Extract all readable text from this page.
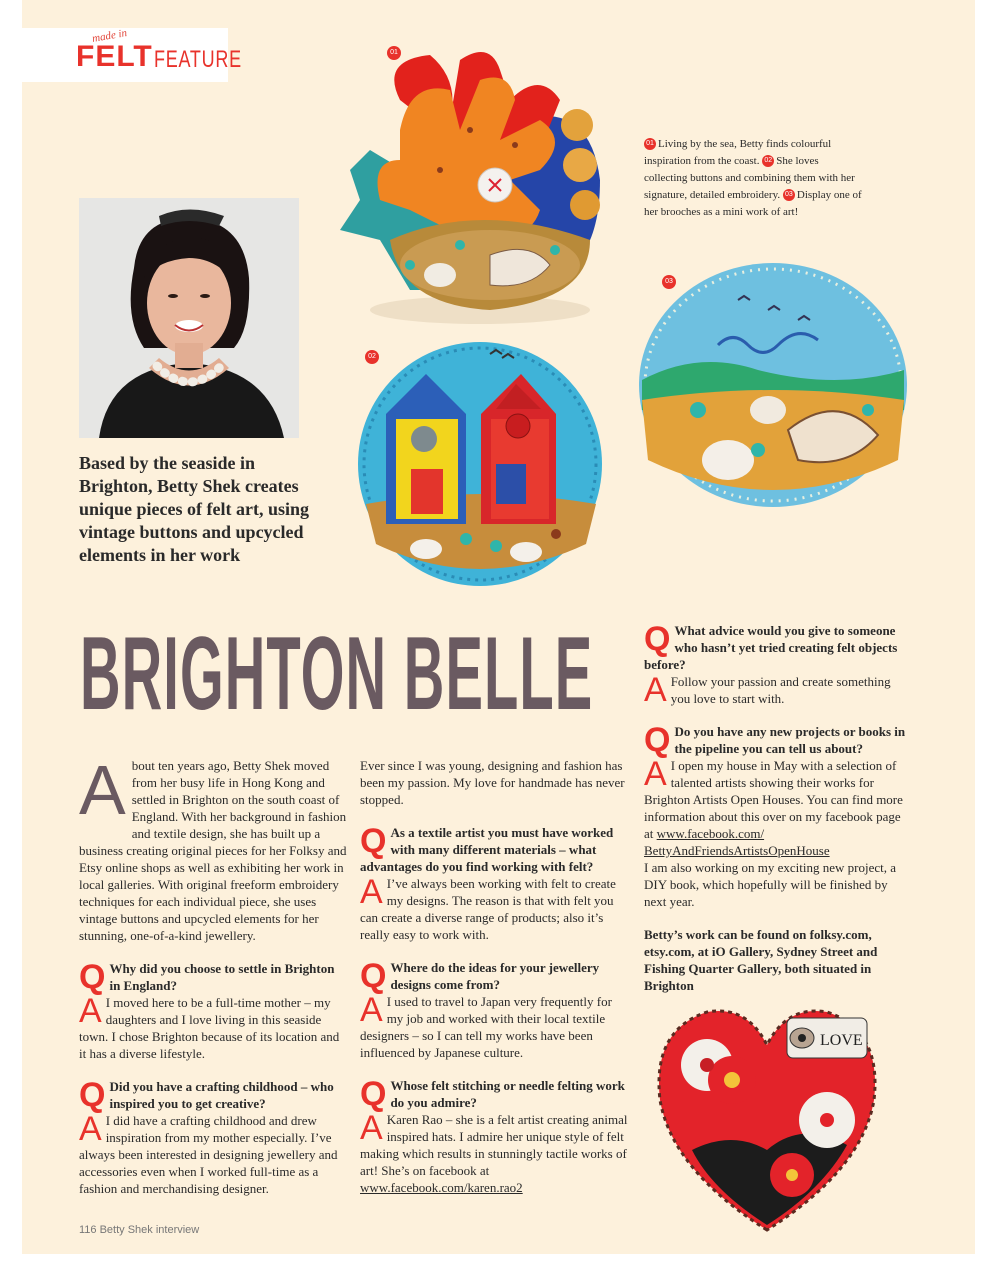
made in
FELT FEATURE	01
Based by the seaside in Brighton, Betty Shek creates unique pieces of felt art, using vintage buttons and upcycled elements in her work
01 Living by the sea, Betty finds colourful inspiration from the coast. 02 She loves collecting buttons and combining them with her signature, detailed embroidery. 03 Display one of her brooches as a mini work of art!
02
03
BRIGHTON BELLE

About ten years ago, Betty Shek moved from her busy life in Hong Kong and settled in Brighton on the south coast of England. With her background in fashion and textile design, she has built up a business creating original pieces for her Folksy and Etsy online shops as well as exhibiting her work in local galleries. With original freeform embroidery techniques for each individual piece, she uses vintage buttons and upcycled elements for her stunning, one-of-a-kind jewellery.

Q Why did you choose to settle in Brighton in England?

A I moved here to be a full-time mother – my daughters and I love living in this seaside town. I chose Brighton because of its location and it has a diverse lifestyle.

Q Did you have a crafting childhood – who inspired you to get creative?

A I did have a crafting childhood and drew inspiration from my mother especially. I’ve always been interested in designing jewellery and accessories even when I worked full-time as a fashion and merchandising designer.

Ever since I was young, designing and fashion has been my passion. My love for handmade has never stopped.

Q As a textile artist you must have worked with many different materials – what advantages do you find working with felt?

A I’ve always been working with felt to create my designs. The reason is that with felt you can create a diverse range of products; also it’s really easy to work with.

Q Where do the ideas for your jewellery designs come from?

A I used to travel to Japan very frequently for my job and worked with their local textile designers – so I can tell my works have been influenced by Japanese culture.

Q Whose felt stitching or needle felting work do you admire?

A Karen Rao – she is a felt artist creating animal inspired hats. I admire her unique style of felt making which results in stunningly tactile works of art! She’s on facebook at www.facebook.com/karen.rao2

Q What advice would you give to someone who hasn’t yet tried creating felt objects before?

A Follow your passion and create something you love to start with.

Q Do you have any new projects or books in the pipeline you can tell us about?

A I open my house in May with a selection of talented artists showing their works for Brighton Artists Open Houses. You can find more information about this over on my facebook page at www.facebook.com/ BettyAndFriendsArtistsOpenHouse

I am also working on my exciting new project, a DIY book, which hopefully will be finished by next year.

Betty’s work can be found on folksy.com, etsy.com, at iO Gallery, Sydney Street and Fishing Quarter Gallery, both situated in Brighton

LOVE
116 Betty Shek interview
